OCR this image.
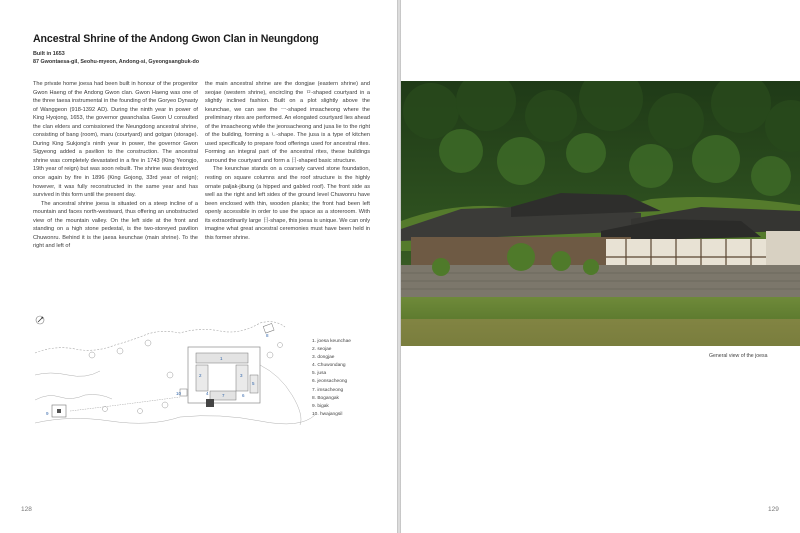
Ancestral Shrine of the Andong Gwon Clan in Neungdong
Built in 1653
87 Gwontaesa-gil, Seohu-myeon, Andong-si, Gyeongsangbuk-do

The private home joesa had been built in honour of the progenitor Gwon Haeng of the Andong Gwon clan. Gwon Haeng was one of the three taesa instrumental in the founding of the Goryeo Dynasty of Wanggeon (918-1392 AD). During the ninth year in power of King Hyojong, 1653, the governor gwanchalsa Gwon U consulted the clan elders and comissioned the Neungdong ancestral shrine, consisting of bang (room), maru (courtyard) and gotgan (storage). During King Sukjong's ninth year in power, the governor Gwon Sigyeong added a pavilion to the construction. The ancestral shrine was completely devastated in a fire in 1743 (King Yeongjo, 19th year of reign) but was soon rebuilt. The shrine was destroyed once again by fire in 1896 (King Gojong, 33rd year of reign); however, it was fully reconstructed in the same year and has survived in this form until the present day.

The ancestral shrine joesa is situated on a steep incline of a mountain and faces north-westward, thus offering an unobstructed view of the mountain valley. On the left side at the front and standing on a high stone pedestal, is the two-storeyed pavilion Chuwonru. Behind it is the jaesa keunchae (main shrine). To the right and left of

the main ancestral shrine are the dongjae (eastern shrine) and seojae (western shrine), encircling the ㅁ-shaped courtyard in a slightly inclined fashion. Built on a plot slightly above the keunchae, we can see the ㅡ-shaped imsacheong where the preliminary rites are performed. An elongated courtyard lies ahead of the imsacheong while the jeonsacheong and jusa lie to the right of the building, forming a ㄴ-shape. The jusa is a type of kitchen used specifically to prepare food offerings used for ancestral rites. Forming an integral part of the ancestral rites, these buildings surround the courtyard and form a 日-shaped basic structure.

The keunchae stands on a coarsely carved stone foundation, resting on square columns and the roof structure is the highly ornate paljak-jibung (a hipped and gabled roof). The front side as well as the right and left sides of the ground level Chuwonru have been enclosed with thin, wooden planks; the front had been left openly accessible in order to use the space as a storeroom. With its extraordinarily large 日-shape, this joesa is unique. We can only imagine what great ancestral ceremonies must have been held in this former shrine.

1
2	3
4
5
6
7
8
9
10
1. joesa keunchae
2. seojae
3. dongjae
4. Chuwondang
5. jusa
6. jeonsacheong
7. imsacheong
8. Bogangak
9. bigak
10. hwajangsil
128
General view of the joesa
129
